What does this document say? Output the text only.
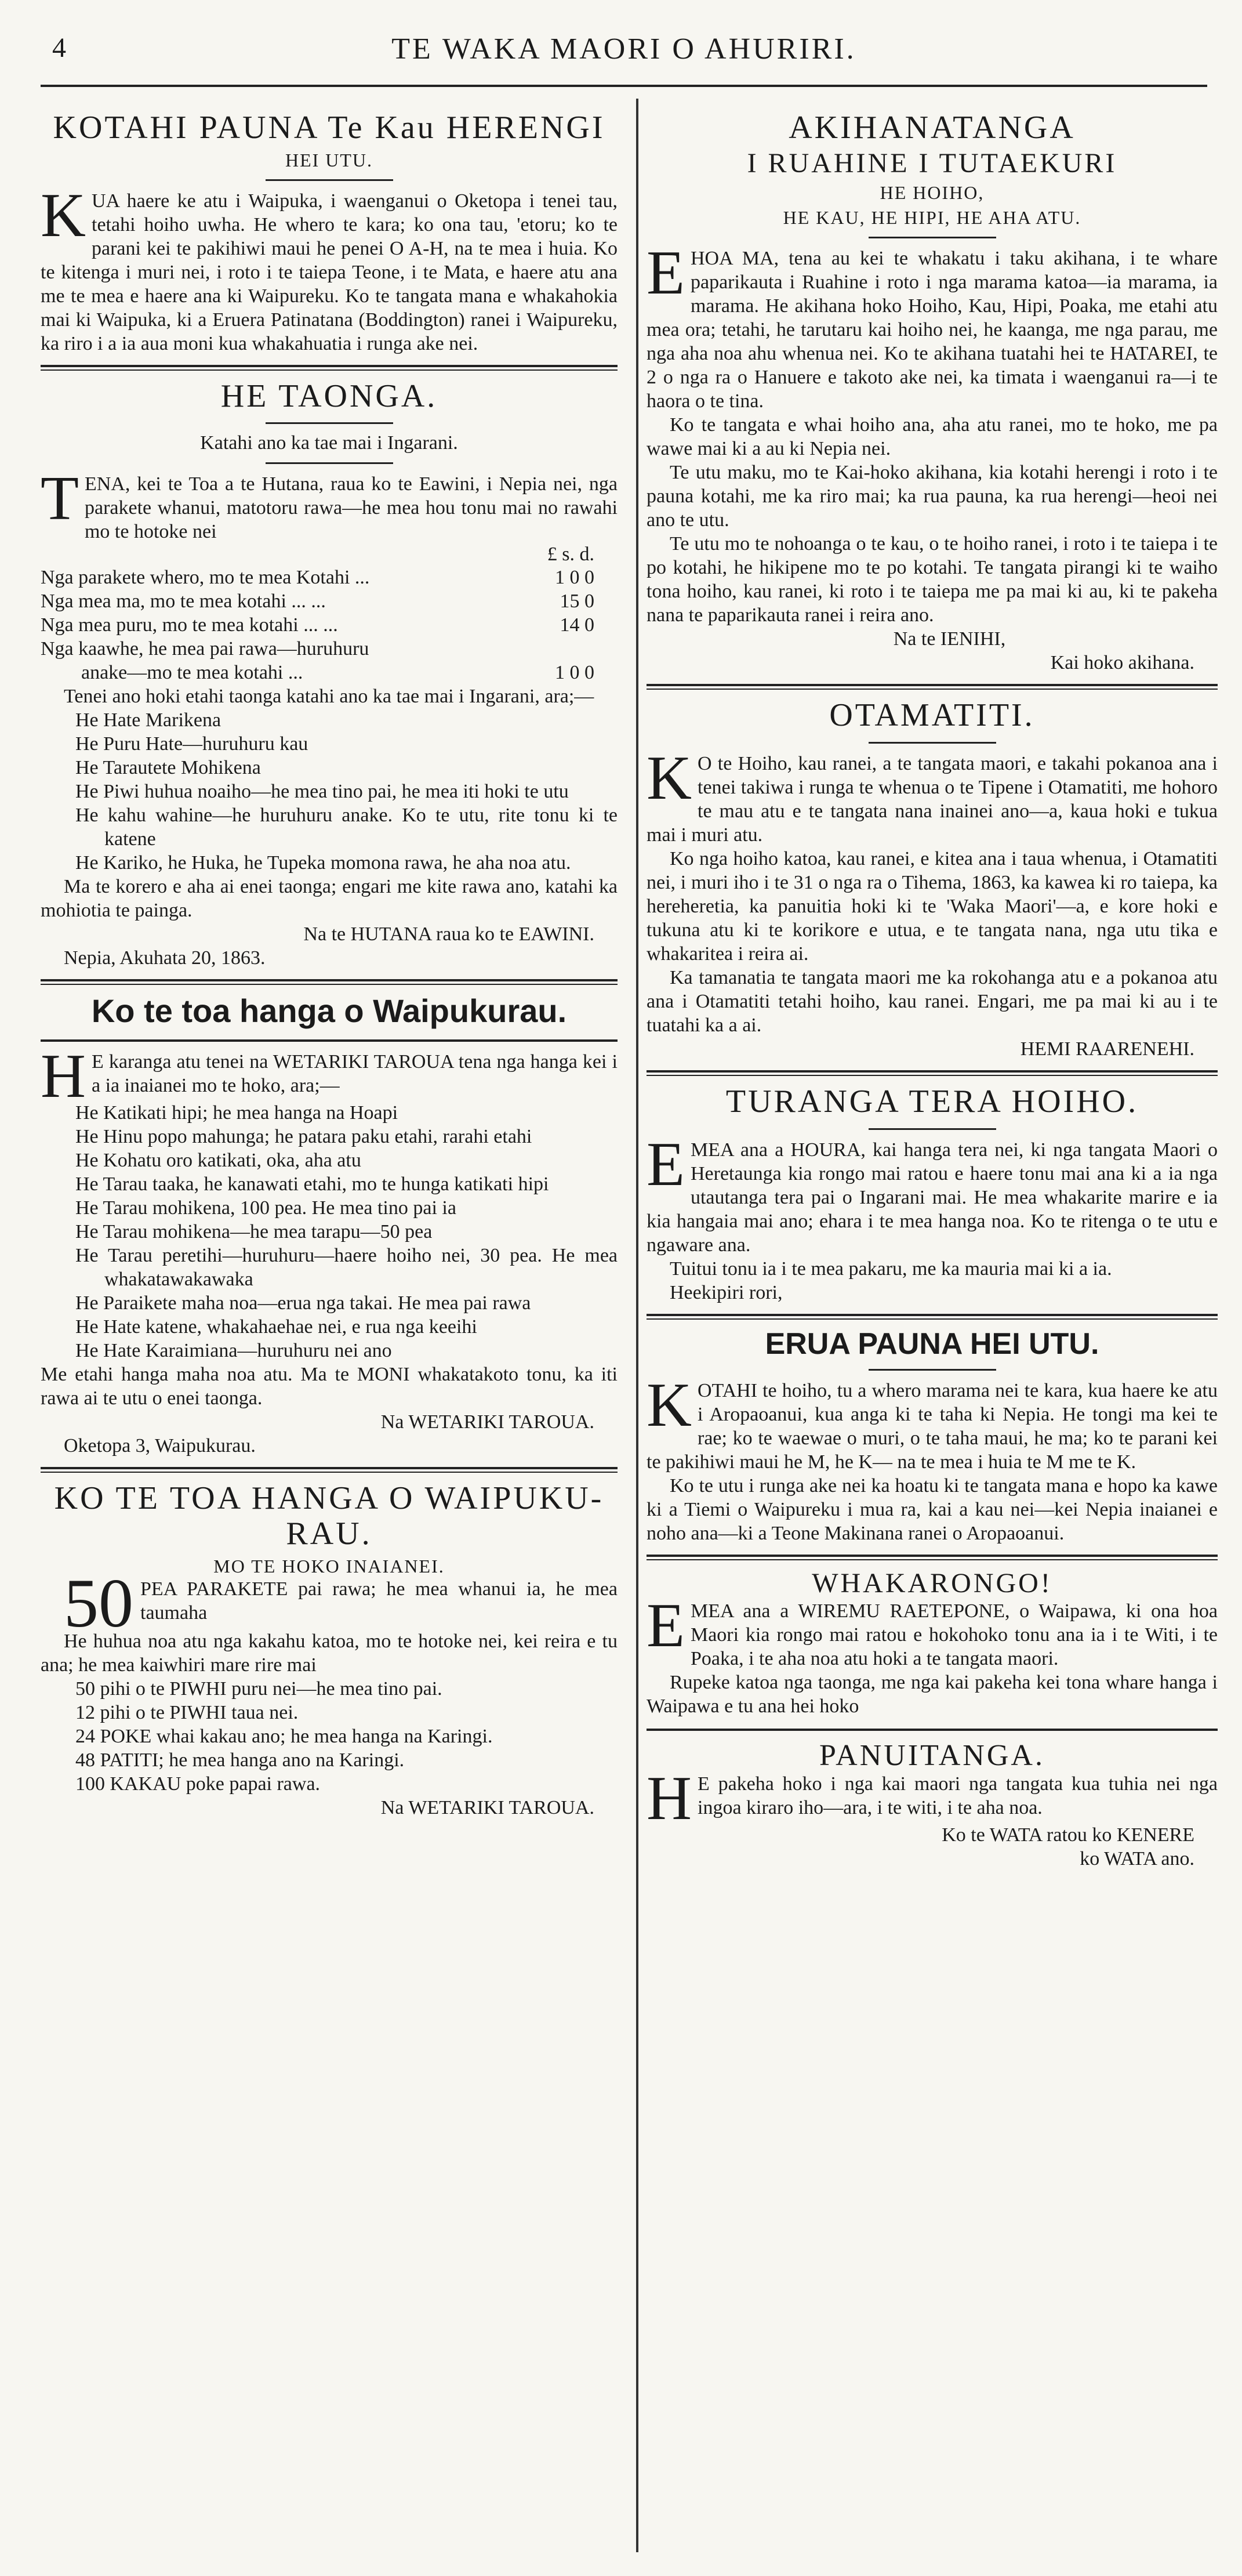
4	TE WAKA MAORI O AHURIRI.
KOTAHI PAUNA Te Kau HERENGI
HEI UTU.

KUA haere ke atu i Waipuka, i waenganui o Oketopa i tenei tau, tetahi hoiho uwha. He whero te kara; ko ona tau, 'etoru; ko te parani kei te pakihiwi maui he penei O A-H, na te mea i huia. Ko te kitenga i muri nei, i roto i te taiepa Teone, i te Mata, e haere atu ana me te mea e haere ana ki Waipureku. Ko te tangata mana e whakahokia mai ki Waipuka, ki a Eruera Patinatana (Boddington) ranei i Waipureku, ka riro i a ia aua moni kua whakahuatia i runga ake nei.

HE TAONGA.
Katahi ano ka tae mai i Ingarani.

TENA, kei te Toa a te Hutana, raua ko te Eawini, i Nepia nei, nga parakete whanui, matotoru rawa—he mea hou tonu mai no rawahi mo te hotoke nei

£ s. d.
Nga parakete whero, mo te mea Kotahi ...	1 0 0
Nga mea ma, mo te mea kotahi ... ...	15 0
Nga mea puru, mo te mea kotahi ... ...	14 0
Nga kaawhe, he mea pai rawa—huruhuru
anake—mo te mea kotahi ...	1 0 0

Tenei ano hoki etahi taonga katahi ano ka tae mai i Ingarani, ara;—

He Hate Marikena
He Puru Hate—huruhuru kau
He Tarautete Mohikena
He Piwi huhua noaiho—he mea tino pai, he mea iti hoki te utu
He kahu wahine—he huruhuru anake. Ko te utu, rite tonu ki te katene
He Kariko, he Huka, he Tupeka momona rawa, he aha noa atu.

Ma te korero e aha ai enei taonga; engari me kite rawa ano, katahi ka mohiotia te painga.

Na te HUTANA raua ko te EAWINI.
Nepia, Akuhata 20, 1863.
Ko te toa hanga o Waipukurau.

H E karanga atu tenei na WETARIKI TAROUA tena nga hanga kei i a ia inaianei mo te hoko, ara;—

He Katikati hipi; he mea hanga na Hoapi
He Hinu popo mahunga; he patara paku etahi, rarahi etahi
He Kohatu oro katikati, oka, aha atu
He Tarau taaka, he kanawati etahi, mo te hunga katikati hipi
He Tarau mohikena, 100 pea. He mea tino pai ia
He Tarau mohikena—he mea tarapu—50 pea
He Tarau peretihi—huruhuru—haere hoiho nei, 30 pea. He mea whakatawakawaka
He Paraikete maha noa—erua nga takai. He mea pai rawa
He Hate katene, whakahaehae nei, e rua nga keeihi
He Hate Karaimiana—huruhuru nei ano

Me etahi hanga maha noa atu. Ma te MONI whakatakoto tonu, ka iti rawa ai te utu o enei taonga.

Na WETARIKI TAROUA.
Oketopa 3, Waipukurau.
KO TE TOA HANGA O WAIPUKU-RAU.
MO TE HOKO INAIANEI.

50 PEA PARAKETE pai rawa; he mea whanui ia, he mea taumaha

He huhua noa atu nga kakahu katoa, mo te hotoke nei, kei reira e tu ana; he mea kaiwhiri mare rire mai

50 pihi o te PIWHI puru nei—he mea tino pai.
12 pihi o te PIWHI taua nei.
24 POKE whai kakau ano; he mea hanga na Karingi.
48 PATITI; he mea hanga ano na Karingi.
100 KAKAU poke papai rawa.
Na WETARIKI TAROUA.
AKIHANATANGA
I RUAHINE I TUTAEKURI
HE HOIHO,
HE KAU, HE HIPI, HE AHA ATU.

EHOA MA, tena au kei te whakatu i taku akihana, i te whare paparikauta i Ruahine i roto i nga marama katoa—ia marama, ia marama. He akihana hoko Hoiho, Kau, Hipi, Poaka, me etahi atu mea ora; tetahi, he tarutaru kai hoiho nei, he kaanga, me nga parau, me nga aha noa ahu whenua nei. Ko te akihana tuatahi hei te HATAREI, te 2 o nga ra o Hanuere e takoto ake nei, ka timata i waenganui ra—i te haora o te tina.

Ko te tangata e whai hoiho ana, aha atu ranei, mo te hoko, me pa wawe mai ki a au ki Nepia nei.

Te utu maku, mo te Kai-hoko akihana, kia kotahi herengi i roto i te pauna kotahi, me ka riro mai; ka rua pauna, ka rua herengi—heoi nei ano te utu.

Te utu mo te nohoanga o te kau, o te hoiho ranei, i roto i te taiepa i te po kotahi, he hikipene mo te po kotahi. Te tangata pirangi ki te waiho tona hoiho, kau ranei, ki roto i te taiepa me pa mai ki au, ki te pakeha nana te paparikauta ranei i reira ano.

Na te IENIHI,
Kai hoko akihana.
OTAMATITI.

K O te Hoiho, kau ranei, a te tangata maori, e takahi pokanoa ana i tenei takiwa i runga te whenua o te Tipene i Otamatiti, me hohoro te mau atu e te tangata nana inainei ano—a, kaua hoki e tukua mai i muri atu.

Ko nga hoiho katoa, kau ranei, e kitea ana i taua whenua, i Otamatiti nei, i muri iho i te 31 o nga ra o Tihema, 1863, ka kawea ki ro taiepa, ka hereheretia, ka panuitia hoki ki te 'Waka Maori'—a, e kore hoki e tukuna atu ki te korikore e utua, e te tangata nana, nga utu tika e whakaritea i reira ai.

Ka tamanatia te tangata maori me ka rokohanga atu e a pokanoa atu ana i Otamatiti tetahi hoiho, kau ranei. Engari, me pa mai ki au i te tuatahi ka a ai.

HEMI RAARENEHI.
TURANGA TERA HOIHO.

EMEA ana a HOURA, kai hanga tera nei, ki nga tangata Maori o Heretaunga kia rongo mai ratou e haere tonu mai ana ki a ia nga utautanga tera pai o Ingarani mai. He mea whakarite marire e ia kia hangaia mai ano; ehara i te mea hanga noa. Ko te ritenga o te utu e ngaware ana.

Tuitui tonu ia i te mea pakaru, me ka mauria mai ki a ia.

Heekipiri rori,
ERUA PAUNA HEI UTU.

KOTAHI te hoiho, tu a whero marama nei te kara, kua haere ke atu i Aropaoanui, kua anga ki te taha ki Nepia. He tongi ma kei te rae; ko te waewae o muri, o te taha maui, he ma; ko te parani kei te pakihiwi maui he M, he K— na te mea i huia te M me te K.

Ko te utu i runga ake nei ka hoatu ki te tangata mana e hopo ka kawe ki a Tiemi o Waipureku i mua ra, kai a kau nei—kei Nepia inaianei e noho ana—ki a Teone Makinana ranei o Aropaoanui.

WHAKARONGO!

EMEA ana a WIREMU RAETEPONE, o Waipawa, ki ona hoa Maori kia rongo mai ratou e hokohoko tonu ana ia i te Witi, i te Poaka, i te aha noa atu hoki a te tangata maori.

Rupeke katoa nga taonga, me nga kai pakeha kei tona whare hanga i Waipawa e tu ana hei hoko

PANUITANGA.

H E pakeha hoko i nga kai maori nga tangata kua tuhia nei nga ingoa kiraro iho—ara, i te witi, i te aha noa.

Ko te WATA ratou ko KENERE
ko WATA ano.
